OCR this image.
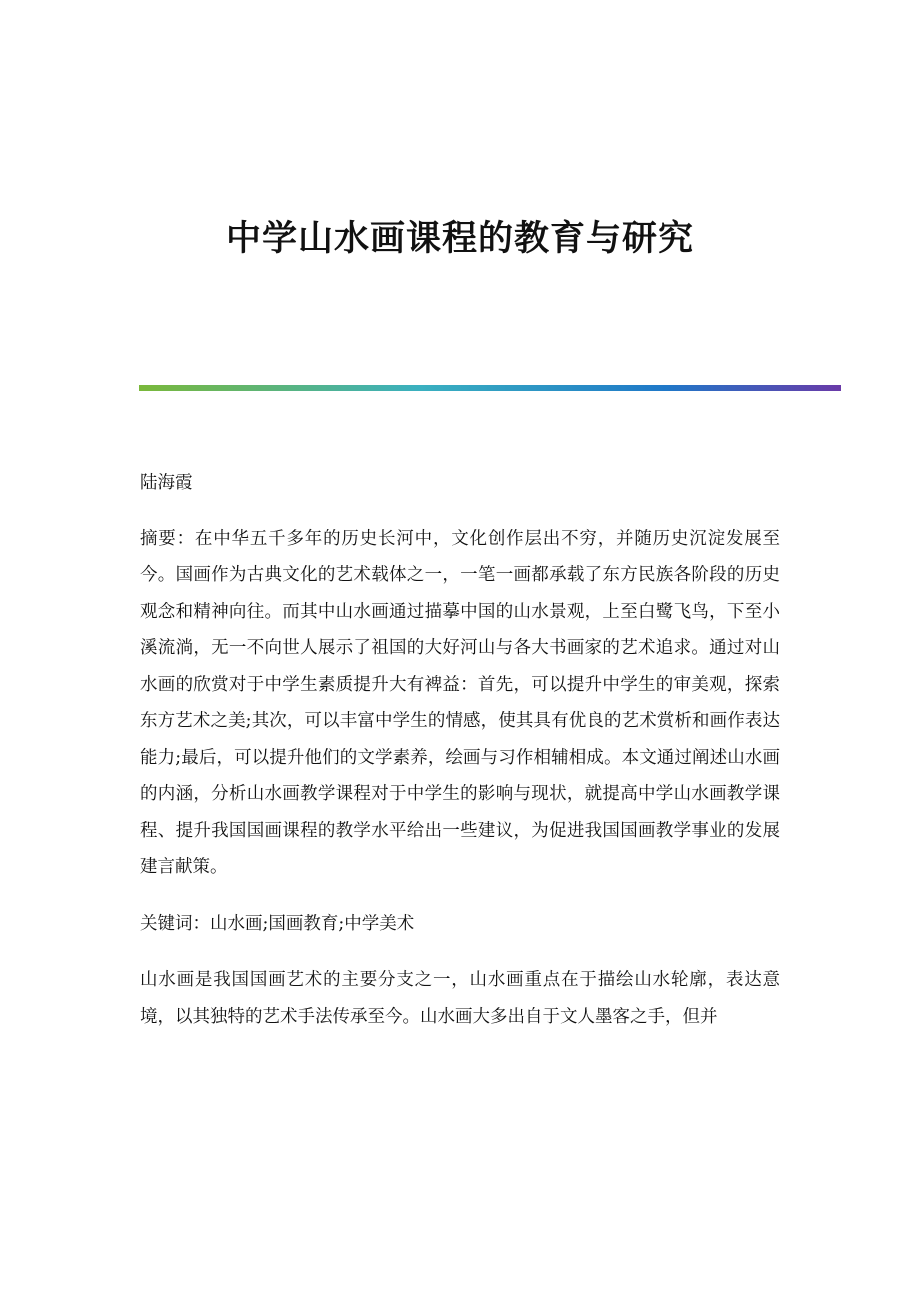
中学山水画课程的教育与研究

陆海霞

摘要：在中华五千多年的历史长河中，文化创作层出不穷，并随历史沉淀发展至今。国画作为古典文化的艺术载体之一，一笔一画都承载了东方民族各阶段的历史观念和精神向往。而其中山水画通过描摹中国的山水景观，上至白鹭飞鸟，下至小溪流淌，无一不向世人展示了祖国的大好河山与各大书画家的艺术追求。通过对山水画的欣赏对于中学生素质提升大有裨益：首先，可以提升中学生的审美观，探索东方艺术之美;其次，可以丰富中学生的情感，使其具有优良的艺术赏析和画作表达能力;最后，可以提升他们的文学素养，绘画与习作相辅相成。本文通过阐述山水画的内涵，分析山水画教学课程对于中学生的影响与现状，就提高中学山水画教学课程、提升我国国画课程的教学水平给出一些建议，为促进我国国画教学事业的发展建言献策。

关键词：山水画;国画教育;中学美术

山水画是我国国画艺术的主要分支之一，山水画重点在于描绘山水轮廓，表达意境，以其独特的艺术手法传承至今。山水画大多出自于文人墨客之手，但并
